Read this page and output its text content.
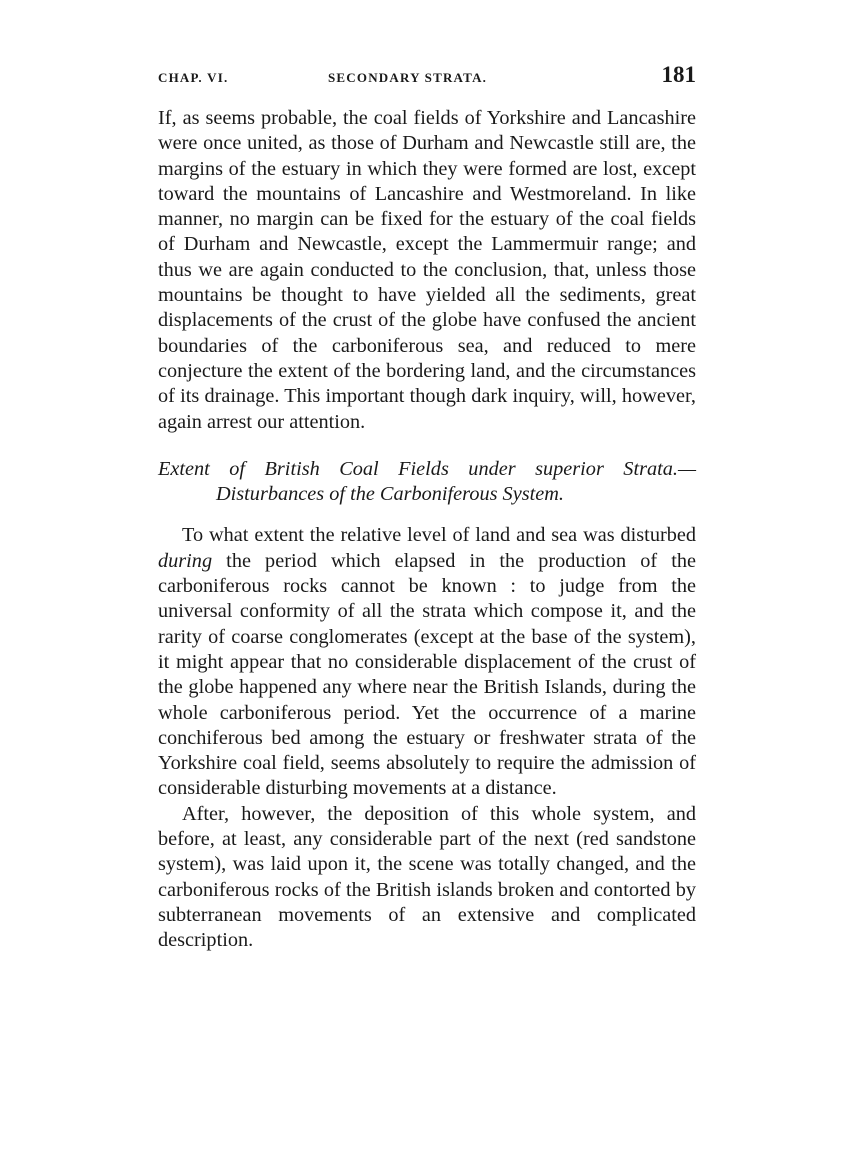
CHAP. VI.	SECONDARY STRATA.	181

If, as seems probable, the coal fields of Yorkshire and Lancashire were once united, as those of Durham and Newcastle still are, the margins of the estuary in which they were formed are lost, except toward the mountains of Lancashire and Westmoreland. In like manner, no margin can be fixed for the estuary of the coal fields of Durham and Newcastle, except the Lammermuir range; and thus we are again conducted to the conclusion, that, unless those mountains be thought to have yielded all the sediments, great displacements of the crust of the globe have confused the ancient boundaries of the carboniferous sea, and reduced to mere conjecture the extent of the bordering land, and the circumstances of its drainage. This important though dark inquiry, will, however, again arrest our attention.

Extent of British Coal Fields under superior Strata.—
Disturbances of the Carboniferous System.

To what extent the relative level of land and sea was disturbed during the period which elapsed in the production of the carboniferous rocks cannot be known : to judge from the universal conformity of all the strata which compose it, and the rarity of coarse conglomerates (except at the base of the system), it might appear that no considerable displacement of the crust of the globe happened any where near the British Islands, during the whole carboniferous period. Yet the occurrence of a marine conchiferous bed among the estuary or freshwater strata of the Yorkshire coal field, seems absolutely to require the admission of considerable disturbing movements at a distance.

After, however, the deposition of this whole system, and before, at least, any considerable part of the next (red sandstone system), was laid upon it, the scene was totally changed, and the carboniferous rocks of the British islands broken and contorted by subterranean movements of an extensive and complicated description.
